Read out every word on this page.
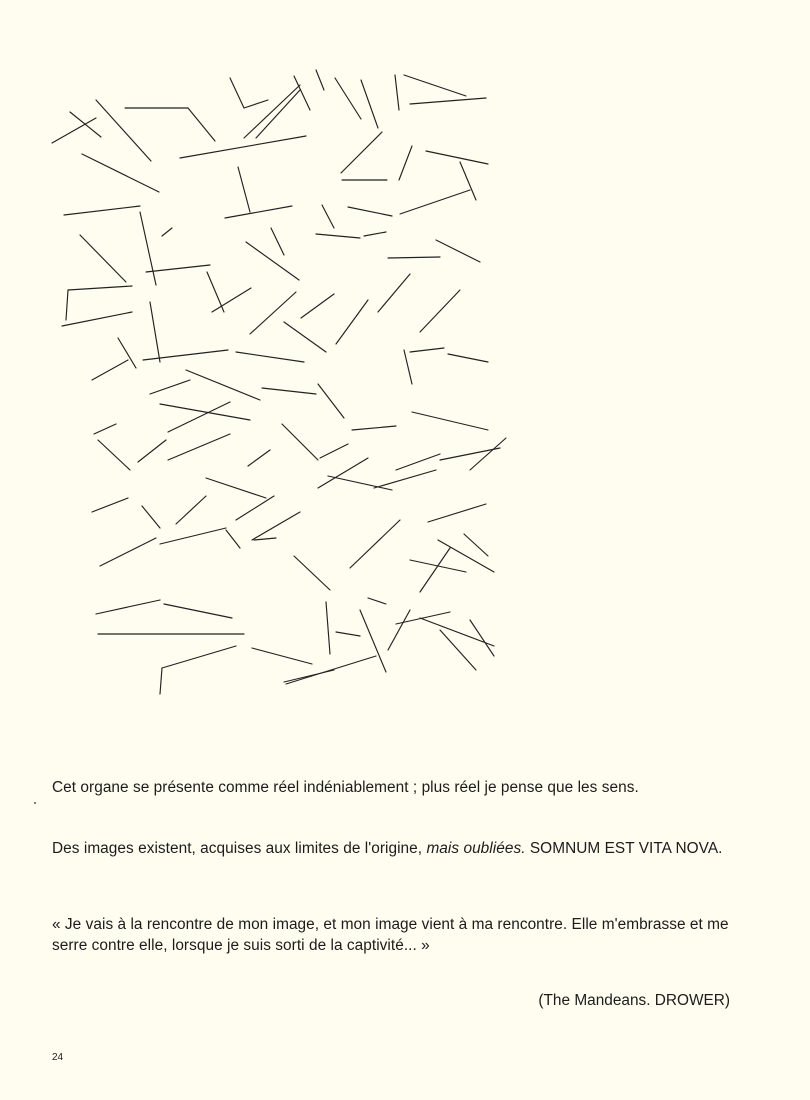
Cet organe se présente comme réel indéniablement ; plus réel je pense que les sens.

Des images existent, acquises aux limites de l'origine, mais oubliées. SOMNUM EST VITA NOVA.

« Je vais à la rencontre de mon image, et mon image vient à ma rencontre. Elle m'embrasse et me serre contre elle, lorsque je suis sorti de la captivité... »

(The Mandeans. DROWER)

24
